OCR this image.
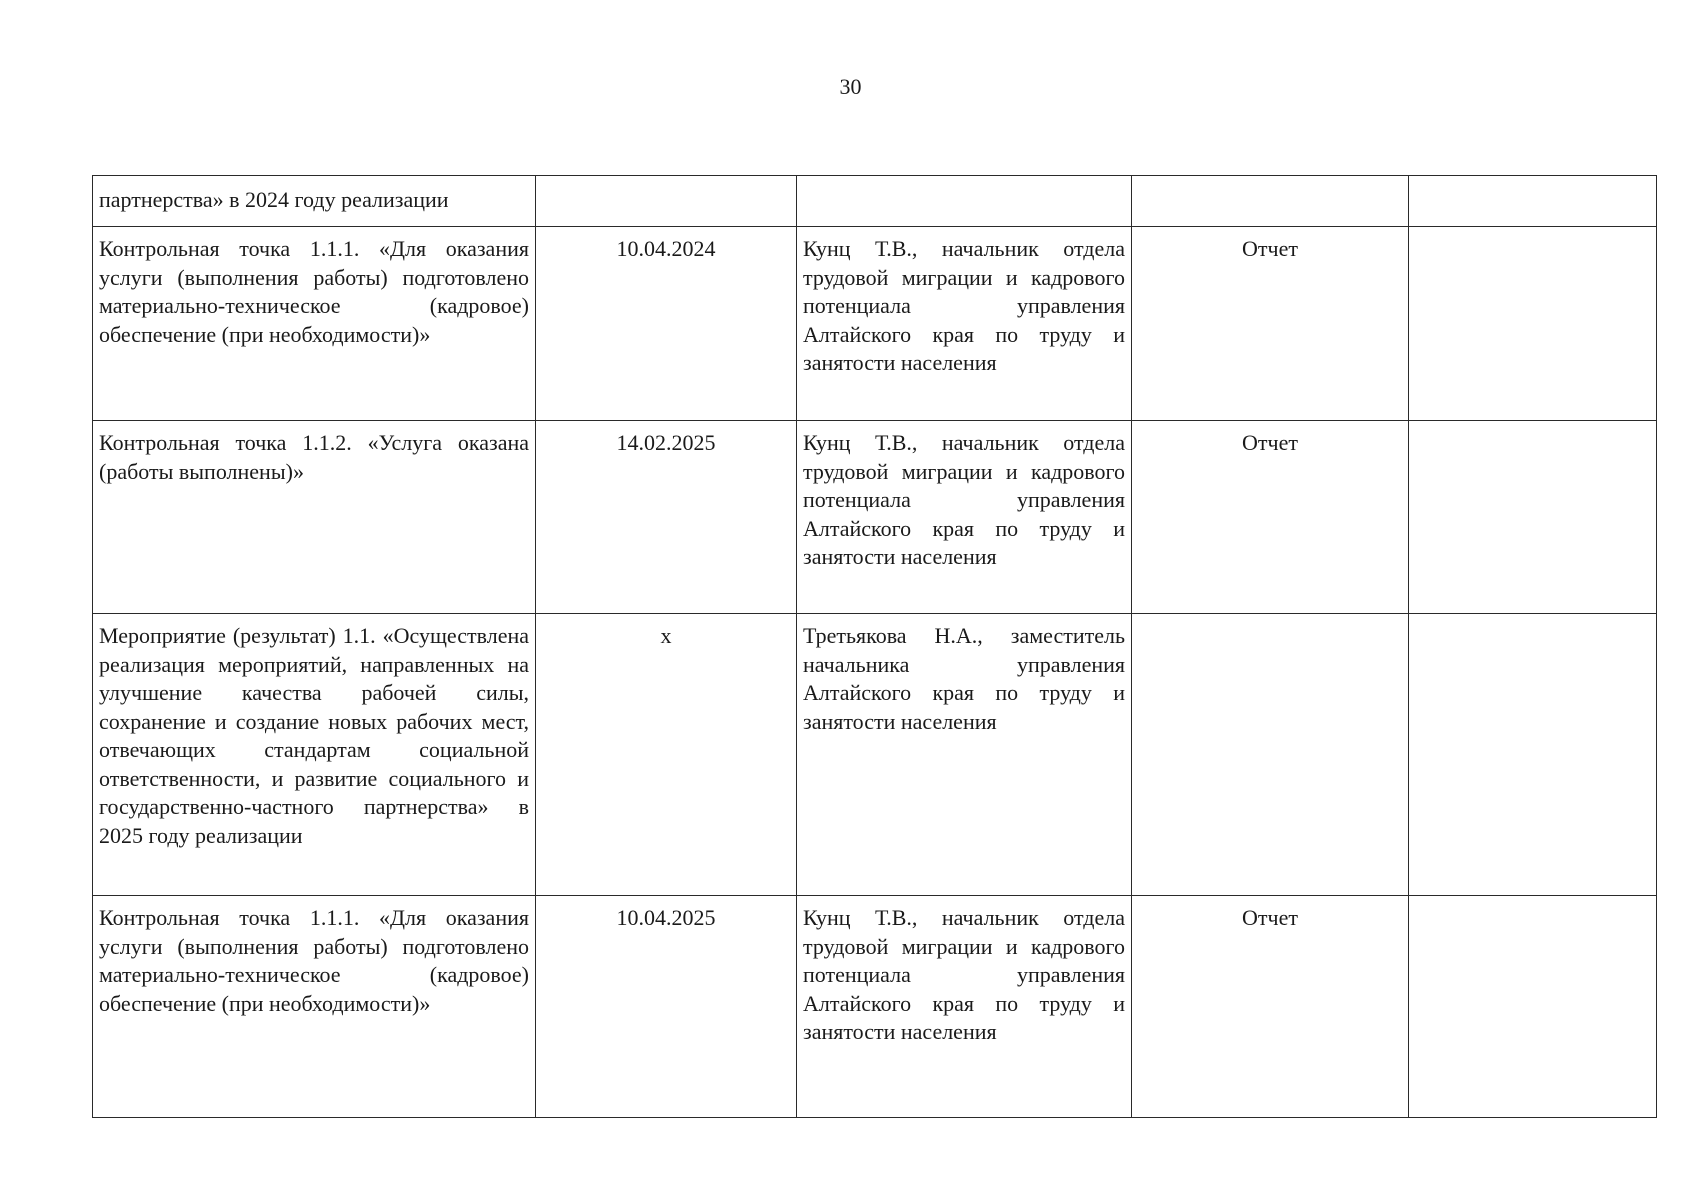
30
партнерства» в 2024 году реализации				

Контрольная точка 1.1.1. «Для оказания услуги (выполнения работы) подготовлено материально-техническое (кадровое) обеспечение (при необходимости)»	10.04.2024	Кунц Т.В., начальник отдела трудовой миграции и кадрового потенциала управления Алтайского края по труду и занятости населения	Отчет	

Контрольная точка 1.1.2. «Услуга оказана (работы выполнены)»	14.02.2025	Кунц Т.В., начальник отдела трудовой миграции и кадрового потенциала управления Алтайского края по труду и занятости населения	Отчет	

Мероприятие (результат) 1.1. «Осуществлена реализация мероприятий, направленных на улучшение качества рабочей силы, сохранение и создание новых рабочих мест, отвечающих стандартам социальной ответственности, и развитие социального и государственно-частного партнерства» в 2025 году реализации	х	Третьякова Н.А., заместитель начальника управления Алтайского края по труду и занятости населения		

Контрольная точка 1.1.1. «Для оказания услуги (выполнения работы) подготовлено материально-техническое (кадровое) обеспечение (при необходимости)»	10.04.2025	Кунц Т.В., начальник отдела трудовой миграции и кадрового потенциала управления Алтайского края по труду и занятости населения	Отчет	
